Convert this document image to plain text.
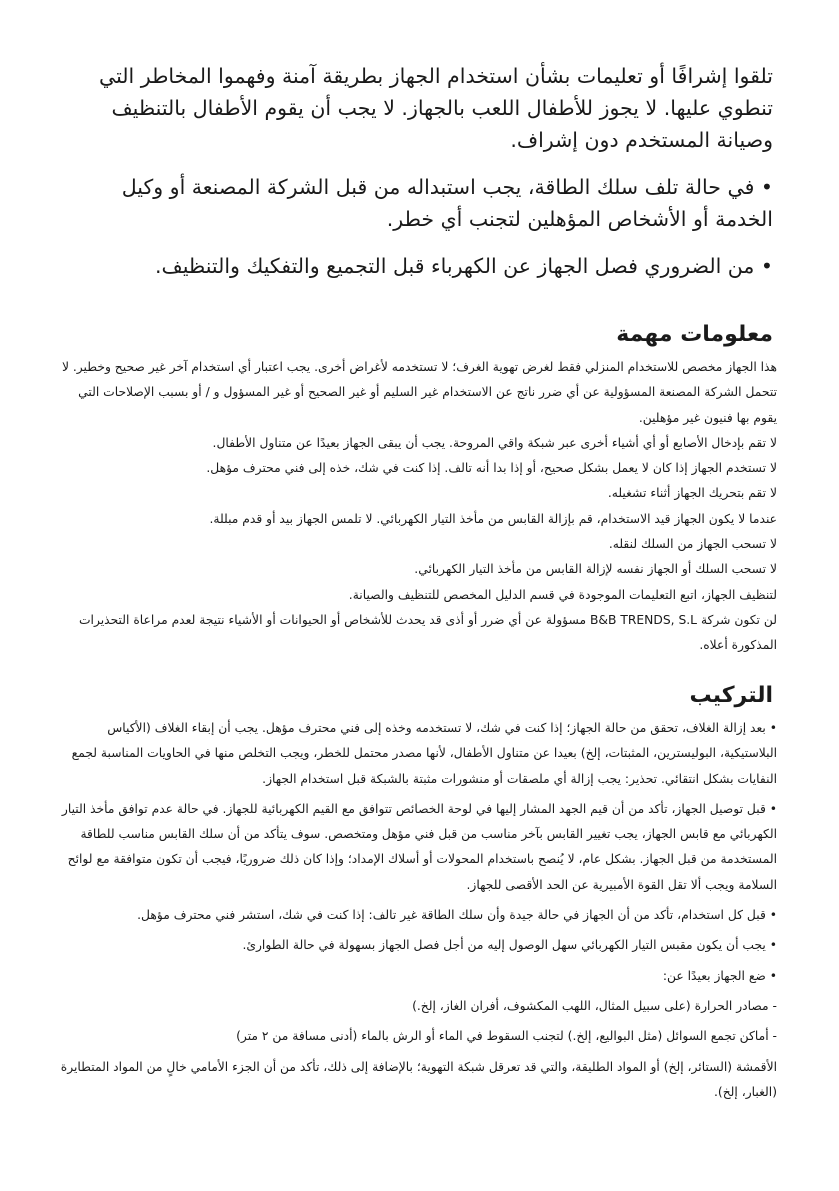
تلقوا إشرافًا أو تعليمات بشأن استخدام الجهاز بطريقة آمنة وفهموا المخاطر التي تنطوي عليها. لا يجوز للأطفال اللعب بالجهاز. لا يجب أن يقوم الأطفال بالتنظيف وصيانة المستخدم دون إشراف.

• في حالة تلف سلك الطاقة، يجب استبداله من قبل الشركة المصنعة أو وكيل الخدمة أو الأشخاص المؤهلين لتجنب أي خطر.

• من الضروري فصل الجهاز عن الكهرباء قبل التجميع والتفكيك والتنظيف.

معلومات مهمة

هذا الجهاز مخصص للاستخدام المنزلي فقط لغرض تهوية الغرف؛ لا تستخدمه لأغراض أخرى. يجب اعتبار أي استخدام آخر غير صحيح وخطير. لا تتحمل الشركة المصنعة المسؤولية عن أي ضرر ناتج عن الاستخدام غير السليم أو غير الصحيح أو غير المسؤول و / أو بسبب الإصلاحات التي يقوم بها فنيون غير مؤهلين.

لا تقم بإدخال الأصابع أو أي أشياء أخرى عبر شبكة واقي المروحة. يجب أن يبقى الجهاز بعيدًا عن متناول الأطفال.

لا تستخدم الجهاز إذا كان لا يعمل بشكل صحيح، أو إذا بدا أنه تالف. إذا كنت في شك، خذه إلى فني محترف مؤهل.

لا تقم بتحريك الجهاز أثناء تشغيله.

عندما لا يكون الجهاز قيد الاستخدام، قم بإزالة القابس من مأخذ التيار الكهربائي. لا تلمس الجهاز بيد أو قدم مبللة.

لا تسحب الجهاز من السلك لنقله.

لا تسحب السلك أو الجهاز نفسه لإزالة القابس من مأخذ التيار الكهربائي.

لتنظيف الجهاز، اتبع التعليمات الموجودة في قسم الدليل المخصص للتنظيف والصيانة.

لن تكون شركة B&B TRENDS, S.L مسؤولة عن أي ضرر أو أذى قد يحدث للأشخاص أو الحيوانات أو الأشياء نتيجة لعدم مراعاة التحذيرات المذكورة أعلاه.

التركيب

• بعد إزالة الغلاف، تحقق من حالة الجهاز؛ إذا كنت في شك، لا تستخدمه وخذه إلى فني محترف مؤهل. يجب أن إبقاء الغلاف (الأكياس البلاستيكية، البوليسترين، المثبتات، إلخ) بعيدا عن متناول الأطفال، لأنها مصدر محتمل للخطر، ويجب التخلص منها في الحاويات المناسبة لجمع النفايات بشكل انتقائي. تحذير: يجب إزالة أي ملصقات أو منشورات مثبتة بالشبكة قبل استخدام الجهاز.

• قبل توصيل الجهاز، تأكد من أن قيم الجهد المشار إليها في لوحة الخصائص تتوافق مع القيم الكهربائية للجهاز. في حالة عدم توافق مأخذ التيار الكهربائي مع قابس الجهاز، يجب تغيير القابس بآخر مناسب من قبل فني مؤهل ومتخصص. سوف يتأكد من أن سلك القابس مناسب للطاقة المستخدمة من قبل الجهاز. بشكل عام، لا يُنصح باستخدام المحولات أو أسلاك الإمداد؛ وإذا كان ذلك ضروريًا، فيجب أن تكون متوافقة مع لوائح السلامة ويجب ألا تقل القوة الأمبيرية عن الحد الأقصى للجهاز.

• قبل كل استخدام، تأكد من أن الجهاز في حالة جيدة وأن سلك الطاقة غير تالف: إذا كنت في شك، استشر فني محترف مؤهل.

• يجب أن يكون مقبس التيار الكهربائي سهل الوصول إليه من أجل فصل الجهاز بسهولة في حالة الطوارئ.

• ضع الجهاز بعيدًا عن:

- مصادر الحرارة (على سبيل المثال، اللهب المكشوف، أفران الغاز، إلخ.)

- أماكن تجمع السوائل (مثل البواليع، إلخ.) لتجنب السقوط في الماء أو الرش بالماء (أدنى مسافة من ٢ متر)

الأقمشة (الستائر، إلخ) أو المواد الطليقة، والتي قد تعرقل شبكة التهوية؛ بالإضافة إلى ذلك، تأكد من أن الجزء الأمامي خالٍ من المواد المتطايرة (الغبار، إلخ).
